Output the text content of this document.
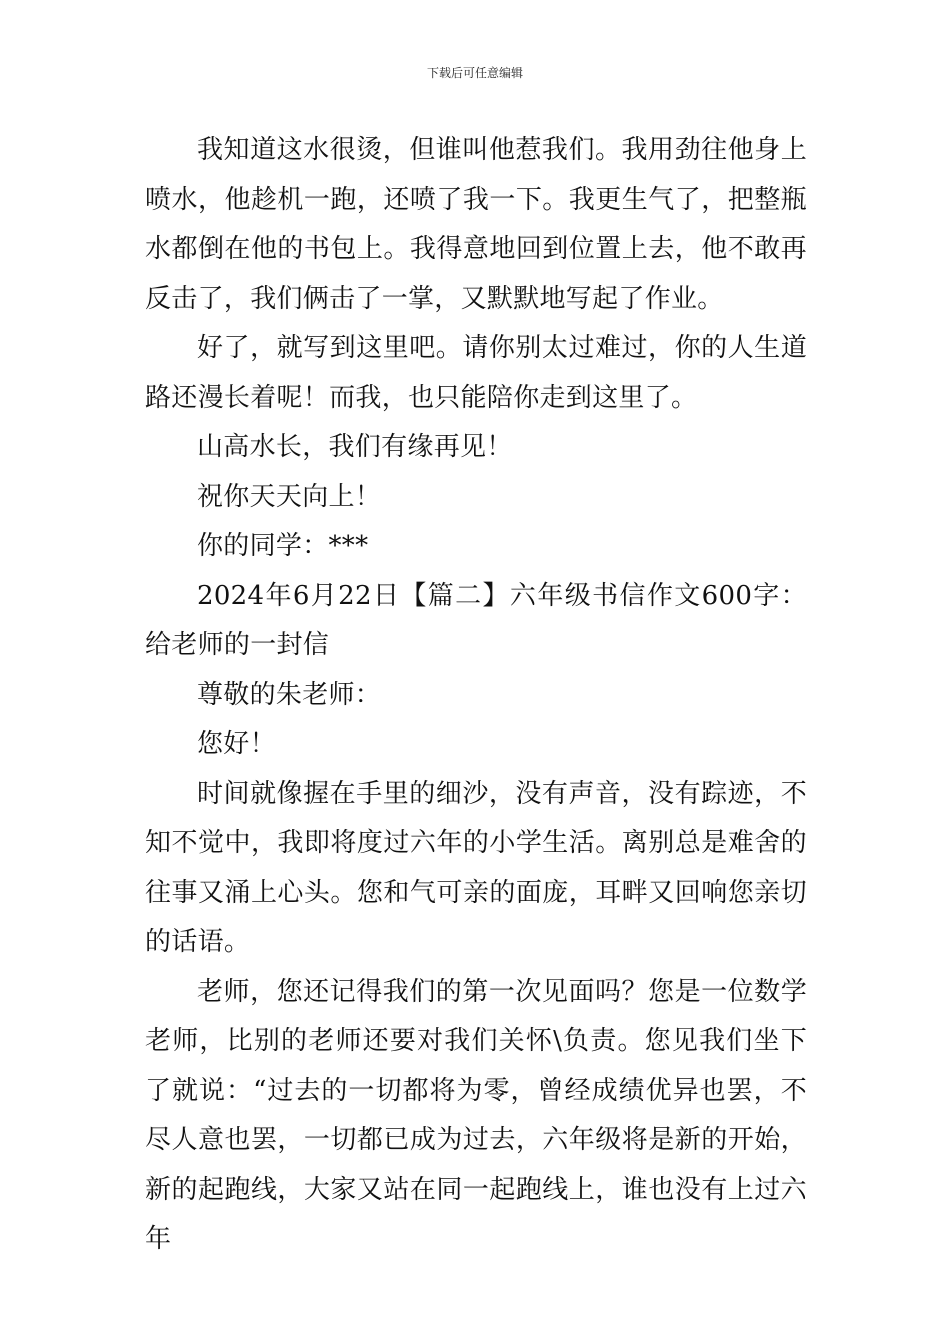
下载后可任意编辑

我知道这水很烫，但谁叫他惹我们。我用劲往他身上喷水，他趁机一跑，还喷了我一下。我更生气了，把整瓶水都倒在他的书包上。我得意地回到位置上去，他不敢再反击了，我们俩击了一掌，又默默地写起了作业。

好了，就写到这里吧。请你别太过难过，你的人生道路还漫长着呢！而我，也只能陪你走到这里了。

山高水长，我们有缘再见！

祝你天天向上！

你的同学：***

2024年6月22日【篇二】六年级书信作文600字：给老师的一封信

尊敬的朱老师：

您好！

时间就像握在手里的细沙，没有声音，没有踪迹，不知不觉中，我即将度过六年的小学生活。离别总是难舍的往事又涌上心头。您和气可亲的面庞，耳畔又回响您亲切的话语。

老师，您还记得我们的第一次见面吗？您是一位数学老师，比别的老师还要对我们关怀\负责。您见我们坐下了就说：“过去的一切都将为零，曾经成绩优异也罢，不尽人意也罢，一切都已成为过去，六年级将是新的开始，新的起跑线，大家又站在同一起跑线上，谁也没有上过六年
